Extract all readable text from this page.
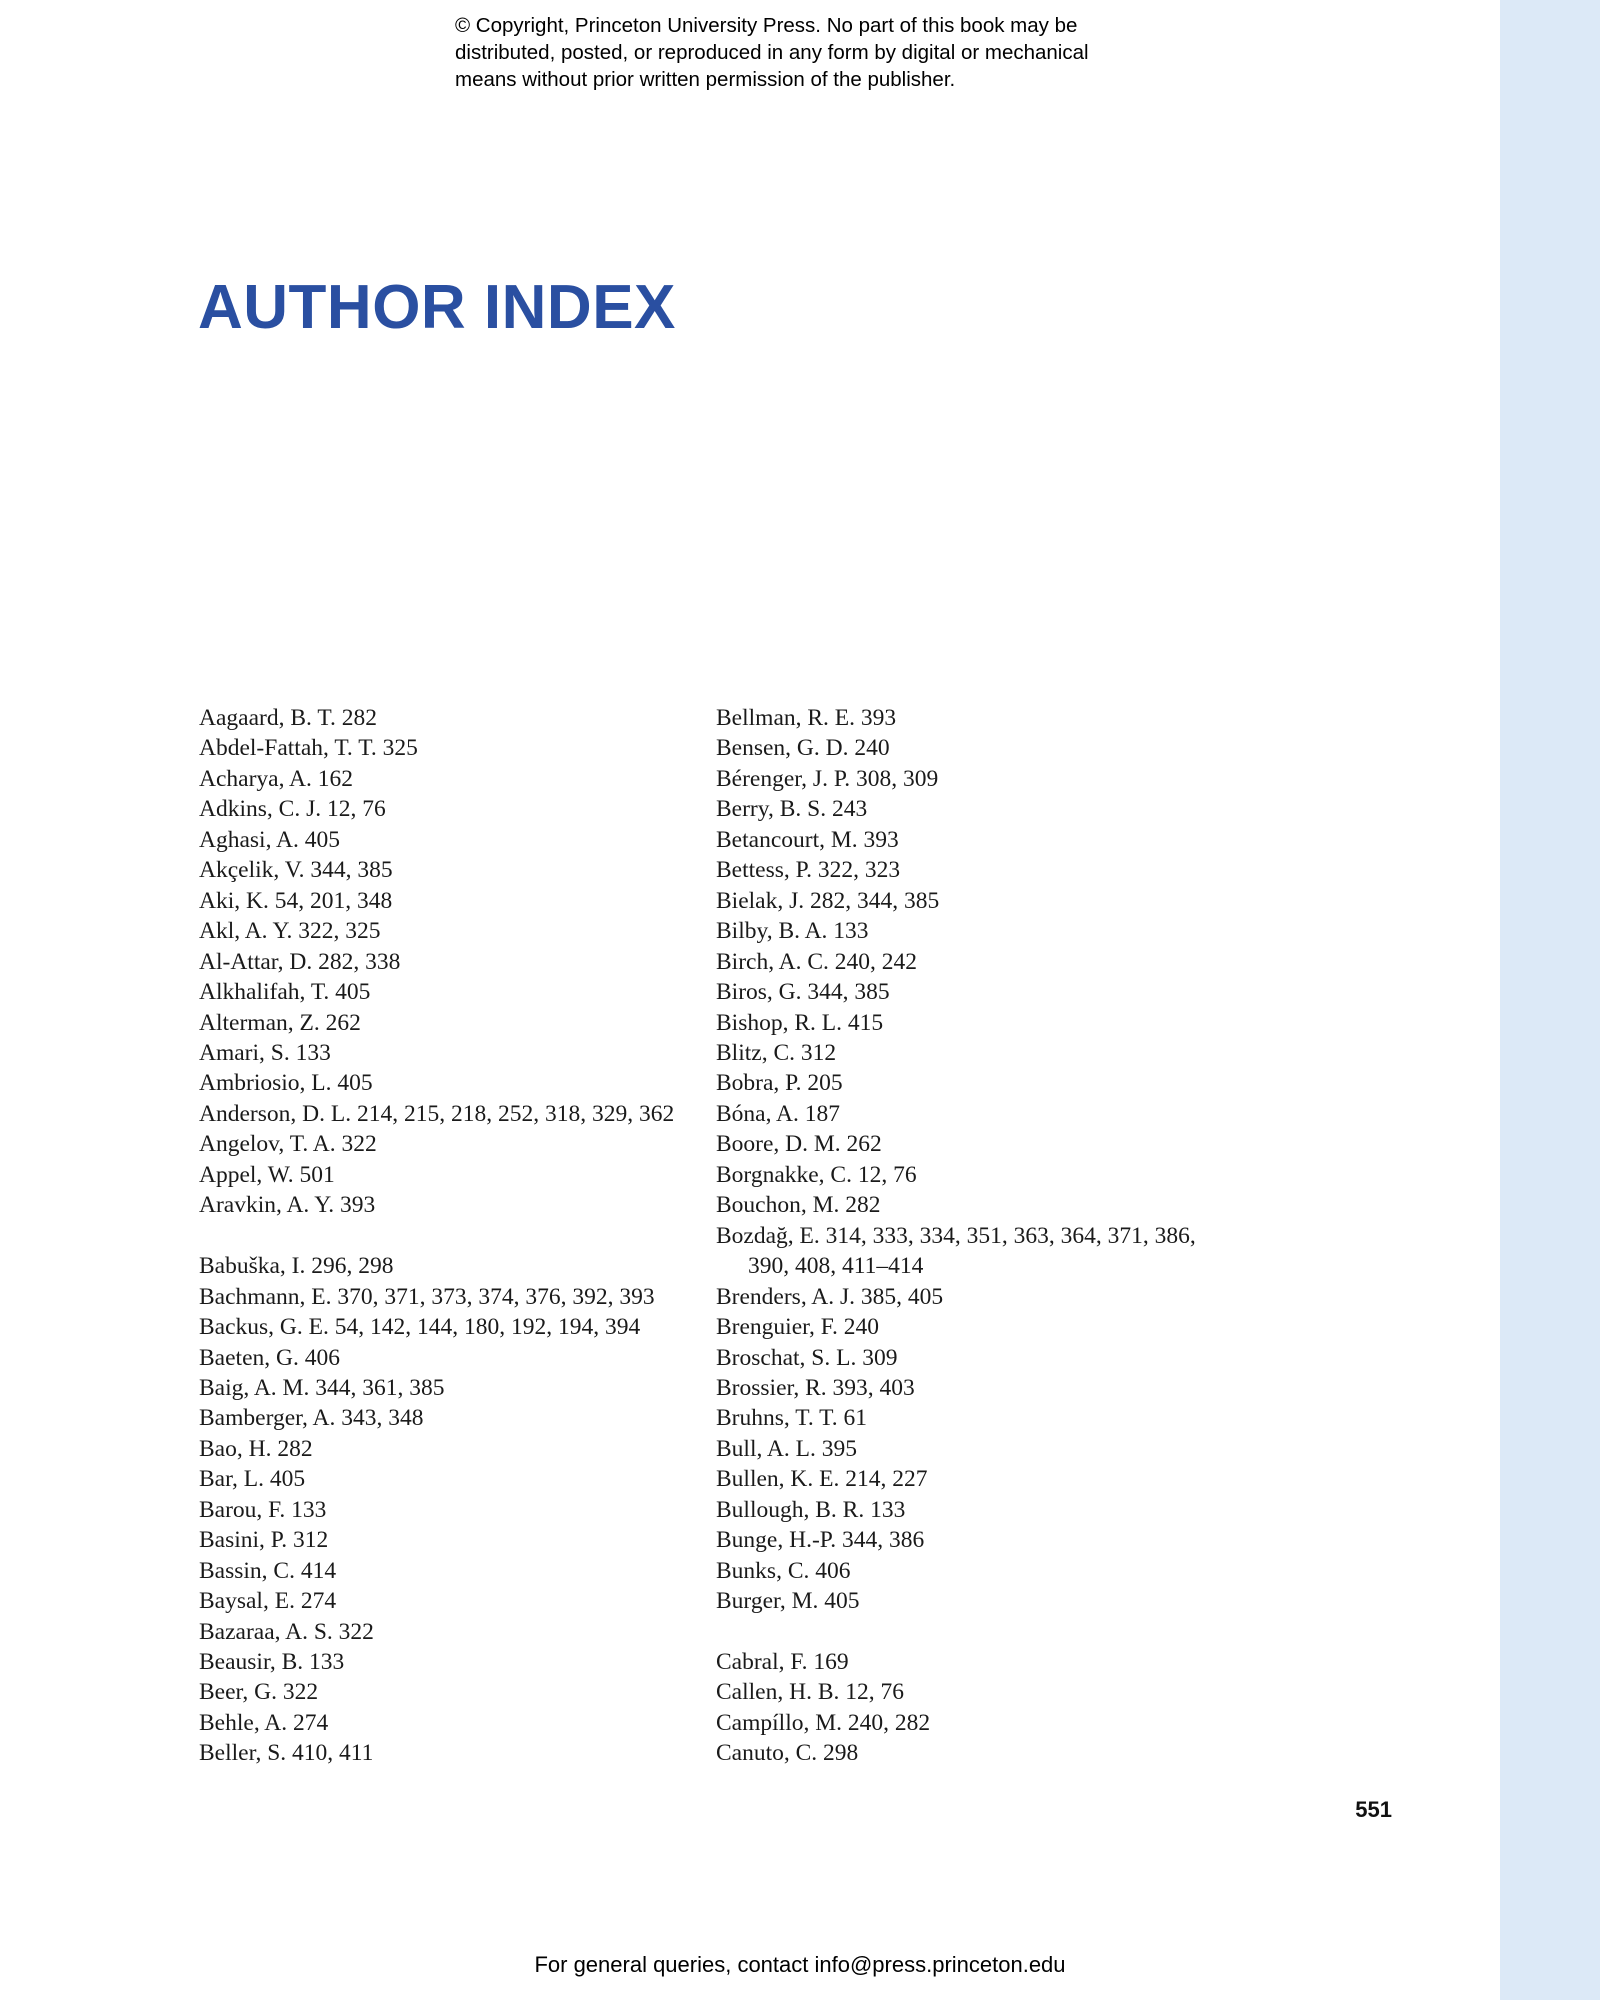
© Copyright, Princeton University Press. No part of this book may be
distributed, posted, or reproduced in any form by digital or mechanical
means without prior written permission of the publisher.
AUTHOR INDEX
Aagaard, B. T. 282
Abdel-Fattah, T. T. 325
Acharya, A. 162
Adkins, C. J. 12, 76
Aghasi, A. 405
Akçelik, V. 344, 385
Aki, K. 54, 201, 348
Akl, A. Y. 322, 325
Al-Attar, D. 282, 338
Alkhalifah, T. 405
Alterman, Z. 262
Amari, S. 133
Ambriosio, L. 405
Anderson, D. L. 214, 215, 218, 252, 318, 329, 362
Angelov, T. A. 322
Appel, W. 501
Aravkin, A. Y. 393
Babuška, I. 296, 298
Bachmann, E. 370, 371, 373, 374, 376, 392, 393
Backus, G. E. 54, 142, 144, 180, 192, 194, 394
Baeten, G. 406
Baig, A. M. 344, 361, 385
Bamberger, A. 343, 348
Bao, H. 282
Bar, L. 405
Barou, F. 133
Basini, P. 312
Bassin, C. 414
Baysal, E. 274
Bazaraa, A. S. 322
Beausir, B. 133
Beer, G. 322
Behle, A. 274
Beller, S. 410, 411
Bellman, R. E. 393
Bensen, G. D. 240
Bérenger, J. P. 308, 309
Berry, B. S. 243
Betancourt, M. 393
Bettess, P. 322, 323
Bielak, J. 282, 344, 385
Bilby, B. A. 133
Birch, A. C. 240, 242
Biros, G. 344, 385
Bishop, R. L. 415
Blitz, C. 312
Bobra, P. 205
Bóna, A. 187
Boore, D. M. 262
Borgnakke, C. 12, 76
Bouchon, M. 282
Bozdağ, E. 314, 333, 334, 351, 363, 364, 371, 386,
390, 408, 411–414
Brenders, A. J. 385, 405
Brenguier, F. 240
Broschat, S. L. 309
Brossier, R. 393, 403
Bruhns, T. T. 61
Bull, A. L. 395
Bullen, K. E. 214, 227
Bullough, B. R. 133
Bunge, H.-P. 344, 386
Bunks, C. 406
Burger, M. 405
Cabral, F. 169
Callen, H. B. 12, 76
Campíllo, M. 240, 282
Canuto, C. 298
551
For general queries, contact info@press.princeton.edu
